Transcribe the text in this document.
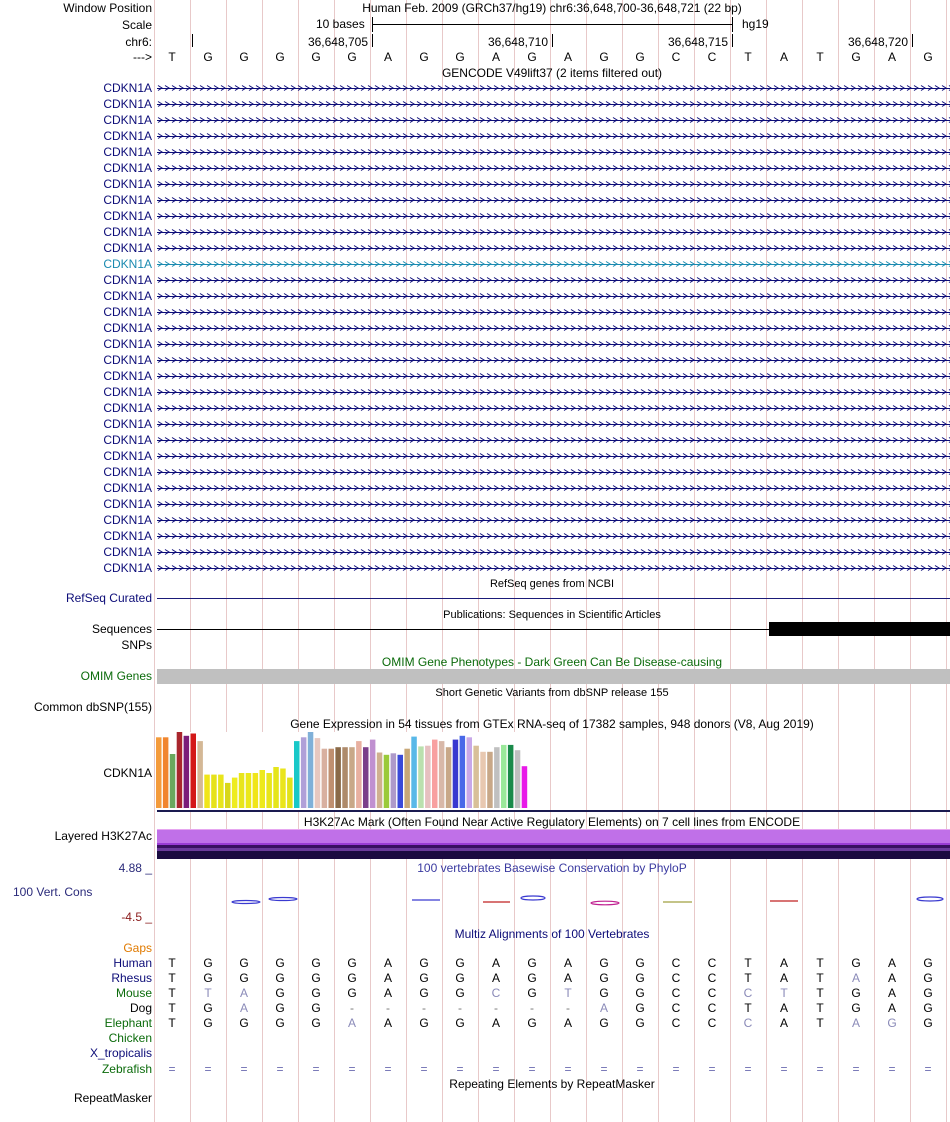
Window Position	Human Feb. 2009 (GRCh37/hg19) chr6:36,648,700-36,648,721 (22 bp)
Scale	10 bases	hg19
chr6:	36,648,705	36,648,710	36,648,715	36,648,720
--->	T	G	G	G	G	G	A	G	G	A	G	A	G	G	C	C	T	A	T	G	A	G
GENCODE V49lift37 (2 items filtered out)
CDKN1A
CDKN1A
CDKN1A
CDKN1A
CDKN1A
CDKN1A
CDKN1A
CDKN1A
CDKN1A
CDKN1A
CDKN1A
CDKN1A
CDKN1A
CDKN1A
CDKN1A
CDKN1A
CDKN1A
CDKN1A
CDKN1A
CDKN1A
CDKN1A
CDKN1A
CDKN1A
CDKN1A
CDKN1A
CDKN1A
CDKN1A
CDKN1A
CDKN1A
CDKN1A
CDKN1A
RefSeq genes from NCBI
RefSeq Curated
Publications: Sequences in Scientific Articles
Sequences
SNPs
OMIM Gene Phenotypes - Dark Green Can Be Disease-causing
OMIM Genes
Short Genetic Variants from dbSNP release 155
Common dbSNP(155)
Gene Expression in 54 tissues from GTEx RNA-seq of 17382 samples, 948 donors (V8, Aug 2019)
CDKN1A
H3K27Ac Mark (Often Found Near Active Regulatory Elements) on 7 cell lines from ENCODE
Layered H3K27Ac
100 vertebrates Basewise Conservation by PhyloP
4.88 _
100 Vert. Cons
-4.5 _
Multiz Alignments of 100 Vertebrates
Gaps
Human	T	G	G	G	G	G	A	G	G	A	G	A	G	G	C	C	T	A	T	G	A	G
Rhesus	T	G	G	G	G	G	A	G	G	A	G	A	G	G	C	C	T	A	T	A	A	G
Mouse	T	T	A	G	G	G	A	G	G	C	G	T	G	G	C	C	C	T	T	G	A	G
Dog	T	G	A	G	G	-	-	-	-	-	-	-	A	G	C	C	T	A	T	G	A	G
Elephant	T	G	G	G	G	A	A	G	G	A	G	A	G	G	C	C	C	A	T	A	G	G
Chicken
X_tropicalis
Zebrafish	=	=	=	=	=	=	=	=	=	=	=	=	=	=	=	=	=	=	=	=	=	=
Repeating Elements by RepeatMasker
RepeatMasker
